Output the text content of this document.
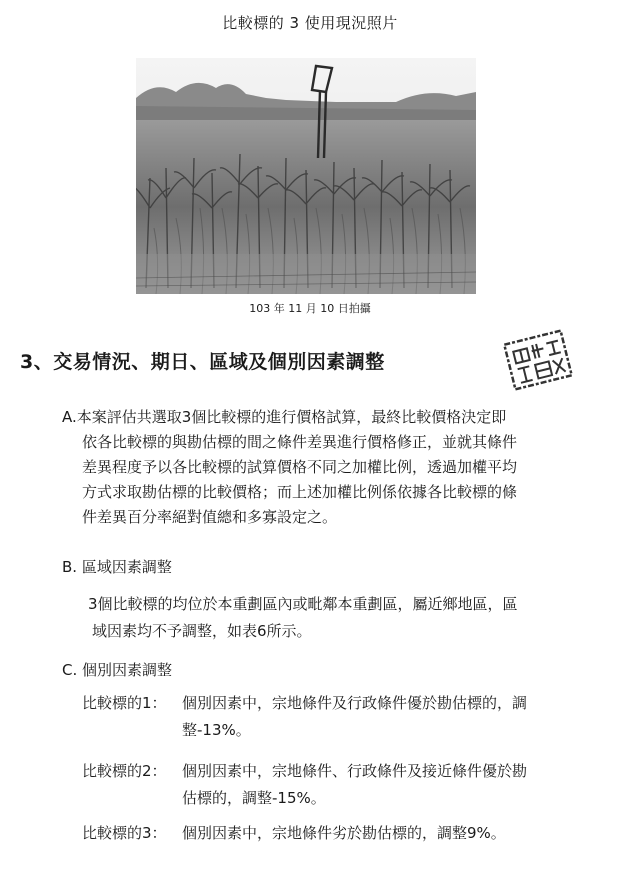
比較標的 3 使用現況照片
103 年 11 月 10 日拍攝
3、交易情況、期日、區域及個別因素調整
A.本案評估共選取3個比較標的進行價格試算，最終比較價格決定即
依各比較標的與勘估標的間之條件差異進行價格修正，並就其條件
差異程度予以各比較標的試算價格不同之加權比例，透過加權平均
方式求取勘估標的比較價格；而上述加權比例係依據各比較標的條
件差異百分率絕對值總和多寡設定之。
B. 區域因素調整
3個比較標的均位於本重劃區內或毗鄰本重劃區，屬近鄉地區，區
域因素均不予調整，如表6所示。
C. 個別因素調整
比較標的1： 個別因素中，宗地條件及行政條件優於勘估標的，調
整-13%。
比較標的2： 個別因素中，宗地條件、行政條件及接近條件優於勘
估標的，調整-15%。
比較標的3： 個別因素中，宗地條件劣於勘估標的，調整9%。
